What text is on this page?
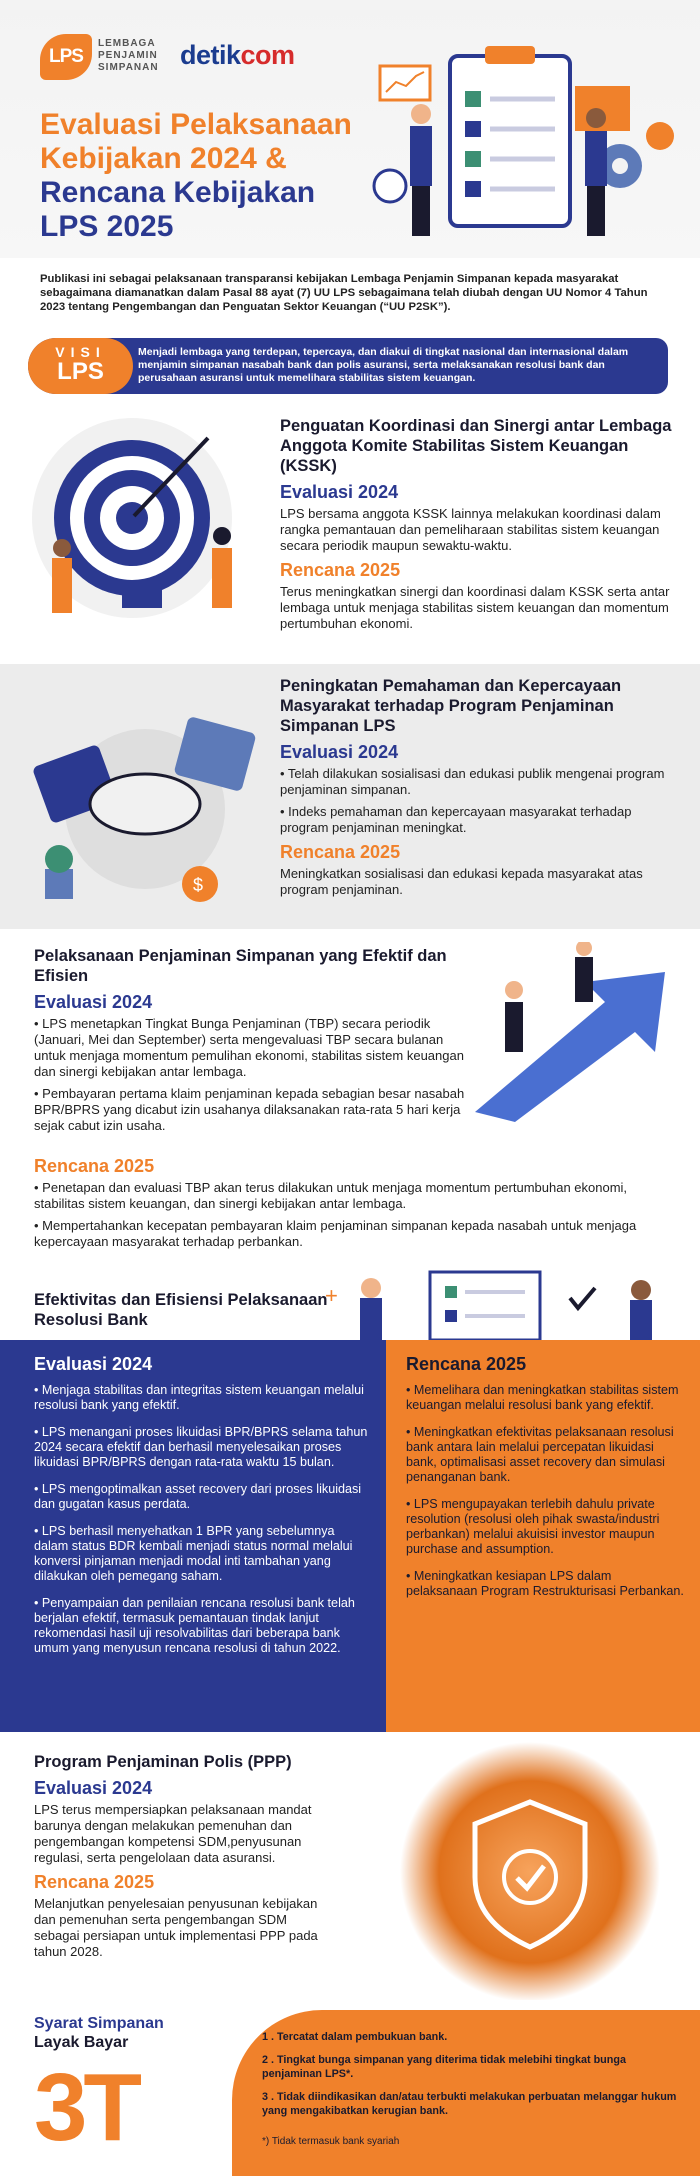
LPS
LEMBAGA
PENJAMIN
SIMPANAN detikcom
Evaluasi Pelaksanaan Kebijakan 2024 &
Rencana Kebijakan LPS 2025
Publikasi ini sebagai pelaksanaan transparansi kebijakan Lembaga Penjamin Simpanan kepada masyarakat sebagaimana diamanatkan dalam Pasal 88 ayat (7) UU LPS sebagaimana telah diubah dengan UU Nomor 4 Tahun 2023 tentang Pengembangan dan Penguatan Sektor Keuangan (“UU P2SK”).
VISI
LPS
Menjadi lembaga yang terdepan, tepercaya, dan diakui di tingkat nasional dan internasional dalam menjamin simpanan nasabah bank dan polis asuransi, serta melaksanakan resolusi bank dan perusahaan asuransi untuk memelihara stabilitas sistem keuangan.
Penguatan Koordinasi dan Sinergi antar Lembaga Anggota Komite Stabilitas Sistem Keuangan (KSSK)
Evaluasi 2024
LPS bersama anggota KSSK lainnya melakukan koordinasi dalam rangka pemantauan dan pemeliharaan stabilitas sistem keuangan secara periodik maupun sewaktu-waktu.
Rencana 2025
Terus meningkatkan sinergi dan koordinasi dalam KSSK serta antar lembaga untuk menjaga stabilitas sistem keuangan dan momentum pertumbuhan ekonomi.
$
Peningkatan Pemahaman dan Kepercayaan Masyarakat terhadap Program Penjaminan Simpanan LPS
Evaluasi 2024
• Telah dilakukan sosialisasi dan edukasi publik mengenai program penjaminan simpanan.
• Indeks pemahaman dan kepercayaan masyarakat terhadap program penjaminan meningkat.
Rencana 2025
Meningkatkan sosialisasi dan edukasi kepada masyarakat atas program penjaminan.
Pelaksanaan Penjaminan Simpanan yang Efektif dan Efisien
Evaluasi 2024
• LPS menetapkan Tingkat Bunga Penjaminan (TBP) secara periodik (Januari, Mei dan September) serta mengevaluasi TBP secara bulanan untuk menjaga momentum pemulihan ekonomi, stabilitas sistem keuangan dan sinergi kebijakan antar lembaga.
• Pembayaran pertama klaim penjaminan kepada sebagian besar nasabah BPR/BPRS yang dicabut izin usahanya dilaksanakan rata-rata 5 hari kerja sejak cabut izin usaha.
Rencana 2025
• Penetapan dan evaluasi TBP akan terus dilakukan untuk menjaga momentum pertumbuhan ekonomi, stabilitas sistem keuangan, dan sinergi kebijakan antar lembaga.
• Mempertahankan kecepatan pembayaran klaim penjaminan simpanan kepada nasabah untuk menjaga kepercayaan masyarakat terhadap perbankan.
Efektivitas dan Efisiensi Pelaksanaan Resolusi Bank
+
Evaluasi 2024
• Menjaga stabilitas dan integritas sistem keuangan melalui resolusi bank yang efektif.
• LPS menangani proses likuidasi BPR/BPRS selama tahun 2024 secara efektif dan berhasil menyelesaikan proses likuidasi BPR/BPRS dengan rata-rata waktu 15 bulan.
• LPS mengoptimalkan asset recovery dari proses likuidasi dan gugatan kasus perdata.
• LPS berhasil menyehatkan 1 BPR yang sebelumnya dalam status BDR kembali menjadi status normal melalui konversi pinjaman menjadi modal inti tambahan yang dilakukan oleh pemegang saham.
• Penyampaian dan penilaian rencana resolusi bank telah berjalan efektif, termasuk pemantauan tindak lanjut rekomendasi hasil uji resolvabilitas dari beberapa bank umum yang menyusun rencana resolusi di tahun 2022.
Rencana 2025
• Memelihara dan meningkatkan stabilitas sistem keuangan melalui resolusi bank yang efektif.
• Meningkatkan efektivitas pelaksanaan resolusi bank antara lain melalui percepatan likuidasi bank, optimalisasi asset recovery dan simulasi penanganan bank.
• LPS mengupayakan terlebih dahulu private resolution (resolusi oleh pihak swasta/industri perbankan) melalui akuisisi investor maupun purchase and assumption.
• Meningkatkan kesiapan LPS dalam pelaksanaan Program Restrukturisasi Perbankan.
Program Penjaminan Polis (PPP)
Evaluasi 2024
LPS terus mempersiapkan pelaksanaan mandat barunya dengan melakukan pemenuhan dan pengembangan kompetensi SDM,penyusunan regulasi, serta pengelolaan data asuransi.
Rencana 2025
Melanjutkan penyelesaian penyusunan kebijakan dan pemenuhan serta pengembangan SDM sebagai persiapan untuk implementasi PPP pada tahun 2028.
Syarat Simpanan
Layak Bayar
3T
1 . Tercatat dalam pembukuan bank.
2 . Tingkat bunga simpanan yang diterima tidak melebihi tingkat bunga penjaminan LPS*.
3 . Tidak diindikasikan dan/atau terbukti melakukan perbuatan melanggar hukum yang mengakibatkan kerugian bank.
*) Tidak termasuk bank syariah
